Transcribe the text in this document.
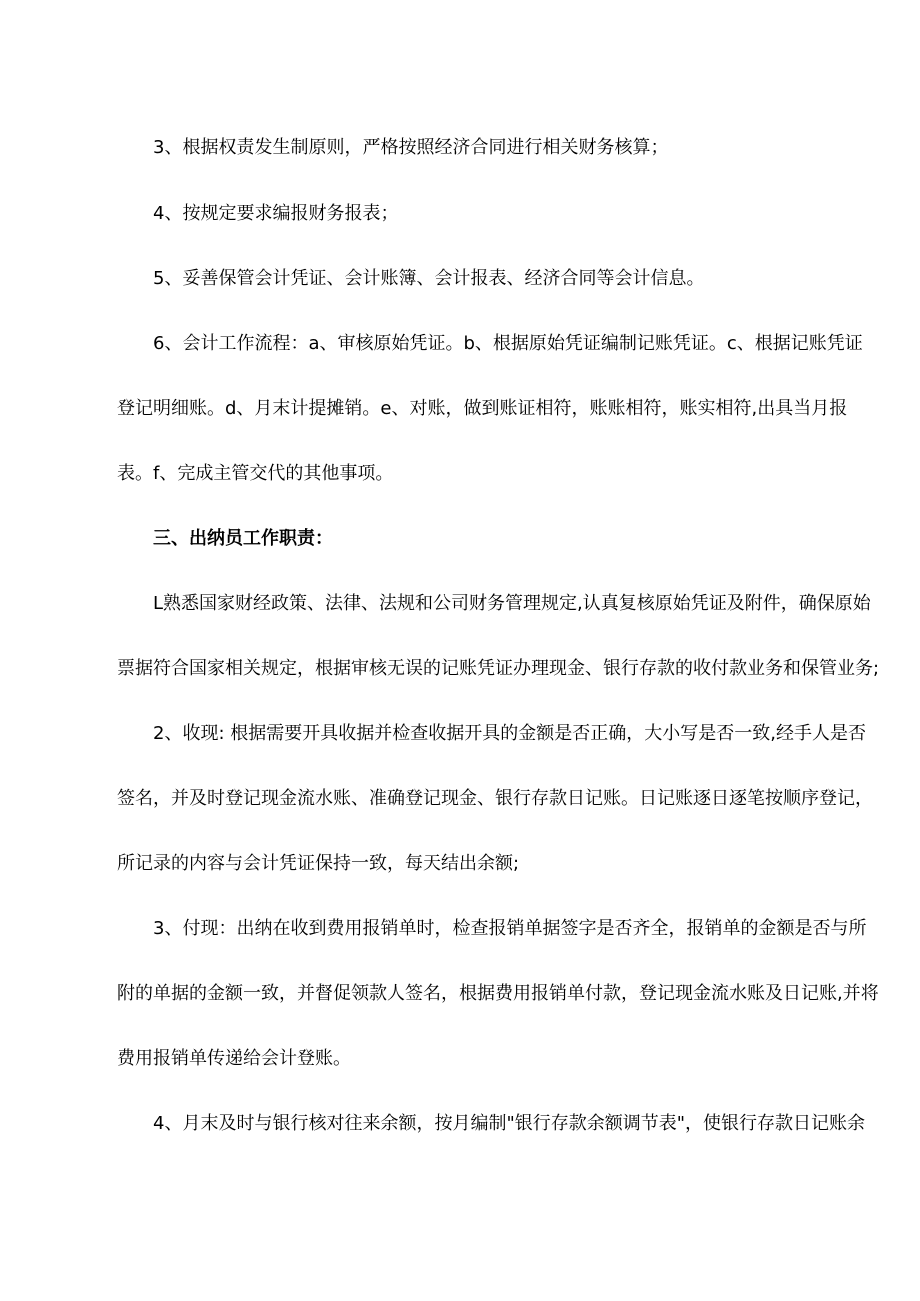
3、根据权责发生制原则，严格按照经济合同进行相关财务核算；
4、按规定要求编报财务报表；
5、妥善保管会计凭证、会计账簿、会计报表、经济合同等会计信息。
6、会计工作流程：a、审核原始凭证。b、根据原始凭证编制记账凭证。c、根据记账凭证
登记明细账。d、月末计提摊销。e、对账，做到账证相符，账账相符，账实相符,出具当月报
表。f、完成主管交代的其他事项。
三、出纳员工作职责：
L熟悉国家财经政策、法律、法规和公司财务管理规定,认真复核原始凭证及附件，确保原始
票据符合国家相关规定，根据审核无误的记账凭证办理现金、银行存款的收付款业务和保管业务;
2、收现: 根据需要开具收据并检查收据开具的金额是否正确，大小写是否一致,经手人是否
签名，并及时登记现金流水账、准确登记现金、银行存款日记账。日记账逐日逐笔按顺序登记，
所记录的内容与会计凭证保持一致，每天结出余额;
3、付现：出纳在收到费用报销单时，检查报销单据签字是否齐全，报销单的金额是否与所
附的单据的金额一致，并督促领款人签名，根据费用报销单付款，登记现金流水账及日记账,并将
费用报销单传递给会计登账。
4、月末及时与银行核对往来余额，按月编制"银行存款余额调节表"，使银行存款日记账余
